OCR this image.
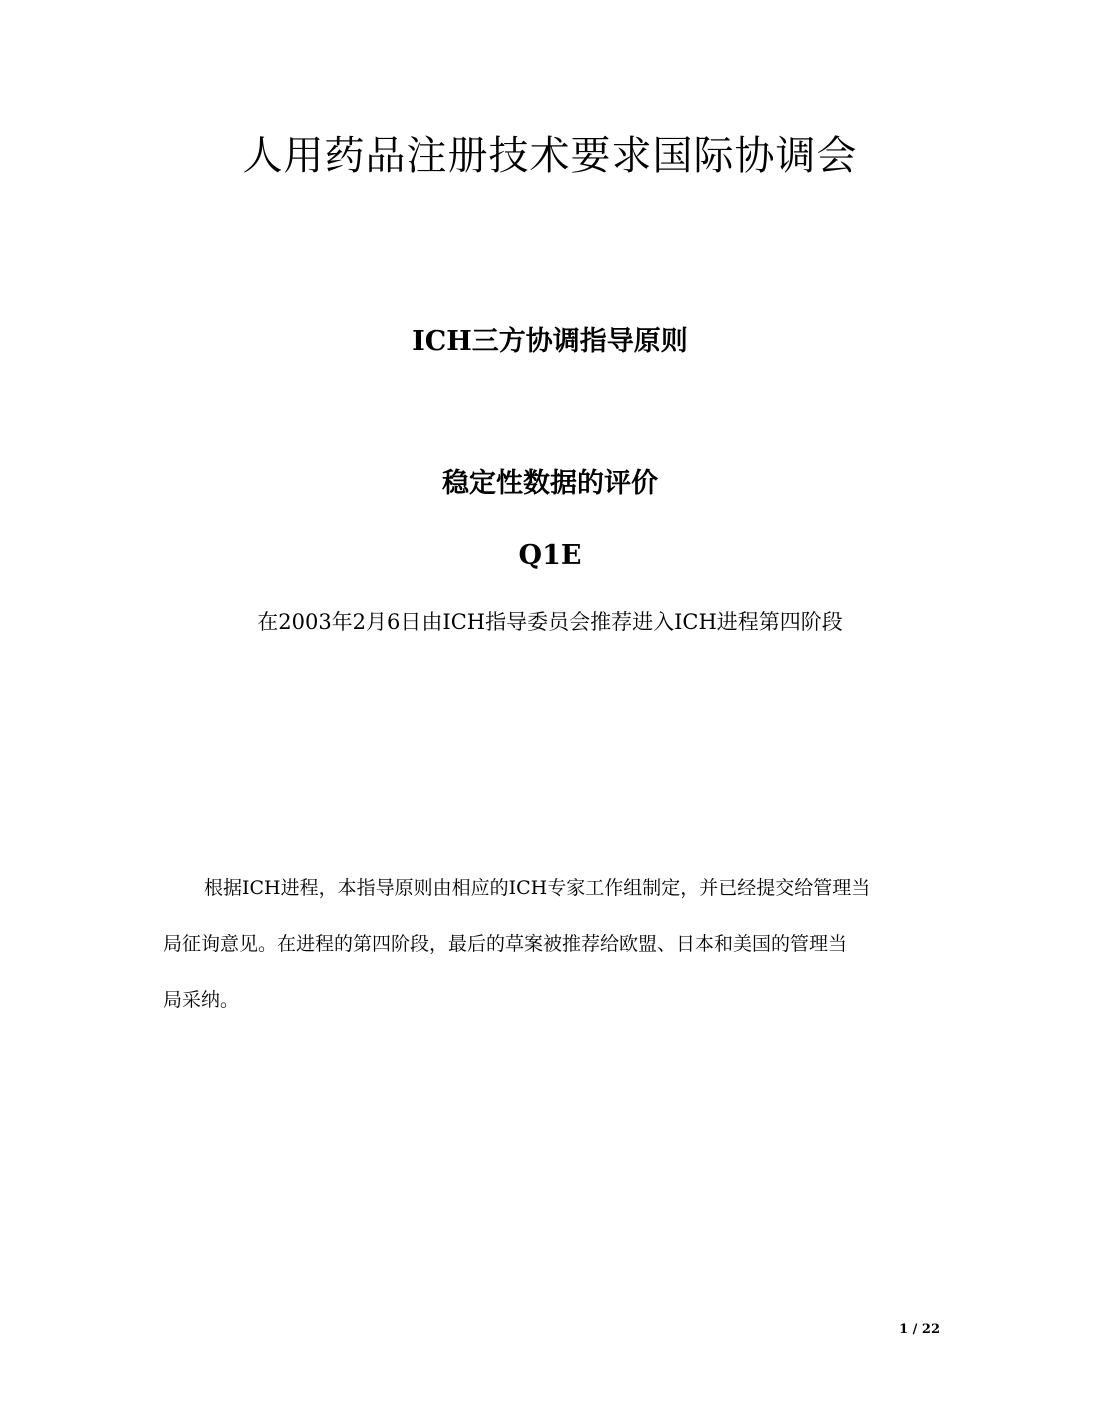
人用药品注册技术要求国际协调会
ICH三方协调指导原则
稳定性数据的评价
Q1E

在2003年2月6日由ICH指导委员会推荐进入ICH进程第四阶段

根据ICH进程，本指导原则由相应的ICH专家工作组制定，并已经提交给管理当
局征询意见。在进程的第四阶段，最后的草案被推荐给欧盟、日本和美国的管理当
局采纳。

1 / 22
